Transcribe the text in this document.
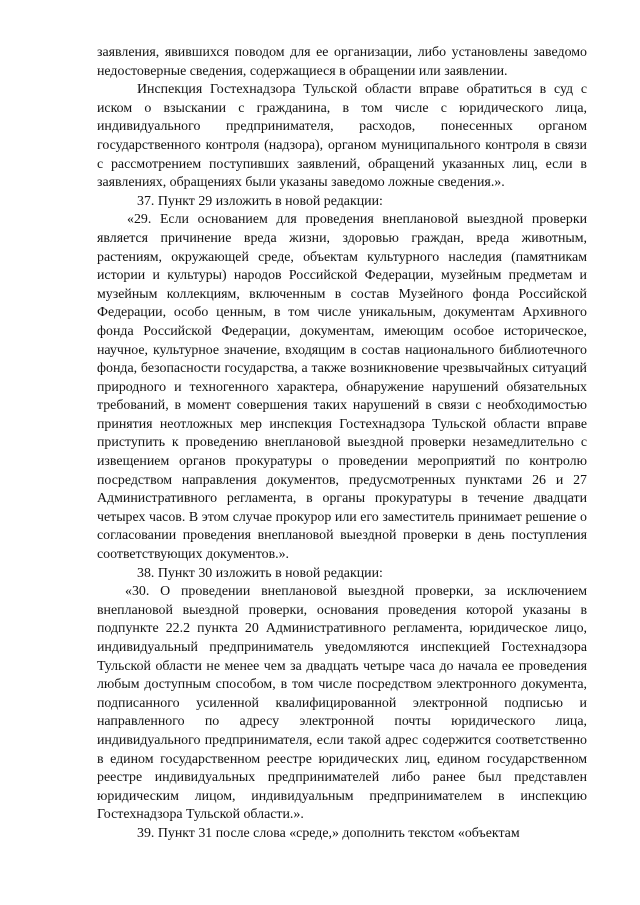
заявления, явившихся поводом для ее организации, либо установлены заведомо недостоверные сведения, содержащиеся в обращении или заявлении.

Инспекция Гостехнадзора Тульской области вправе обратиться в суд с иском о взыскании с гражданина, в том числе с юридического лица, индивидуального предпринимателя, расходов, понесенных органом государственного контроля (надзора), органом муниципального контроля в связи с рассмотрением поступивших заявлений, обращений указанных лиц, если в заявлениях, обращениях были указаны заведомо ложные сведения.».

37. Пункт 29 изложить в новой редакции:

«29. Если основанием для проведения внеплановой выездной проверки является причинение вреда жизни, здоровью граждан, вреда животным, растениям, окружающей среде, объектам культурного наследия (памятникам истории и культуры) народов Российской Федерации, музейным предметам и музейным коллекциям, включенным в состав Музейного фонда Российской Федерации, особо ценным, в том числе уникальным, документам Архивного фонда Российской Федерации, документам, имеющим особое историческое, научное, культурное значение, входящим в состав национального библиотечного фонда, безопасности государства, а также возникновение чрезвычайных ситуаций природного и техногенного характера, обнаружение нарушений обязательных требований, в момент совершения таких нарушений в связи с необходимостью принятия неотложных мер инспекция Гостехнадзора Тульской области вправе приступить к проведению внеплановой выездной проверки незамедлительно с извещением органов прокуратуры о проведении мероприятий по контролю посредством направления документов, предусмотренных пунктами 26 и 27 Административного регламента, в органы прокуратуры в течение двадцати четырех часов. В этом случае прокурор или его заместитель принимает решение о согласовании проведения внеплановой выездной проверки в день поступления соответствующих документов.».

38. Пункт 30 изложить в новой редакции:

«30. О проведении внеплановой выездной проверки, за исключением внеплановой выездной проверки, основания проведения которой указаны в подпункте 22.2 пункта 20 Административного регламента, юридическое лицо, индивидуальный предприниматель уведомляются инспекцией Гостехнадзора Тульской области не менее чем за двадцать четыре часа до начала ее проведения любым доступным способом, в том числе посредством электронного документа, подписанного усиленной квалифицированной электронной подписью и направленного по адресу электронной почты юридического лица, индивидуального предпринимателя, если такой адрес содержится соответственно в едином государственном реестре юридических лиц, едином государственном реестре индивидуальных предпринимателей либо ранее был представлен юридическим лицом, индивидуальным предпринимателем в инспекцию Гостехнадзора Тульской области.».

39. Пункт 31 после слова «среде,» дополнить текстом «объектам
